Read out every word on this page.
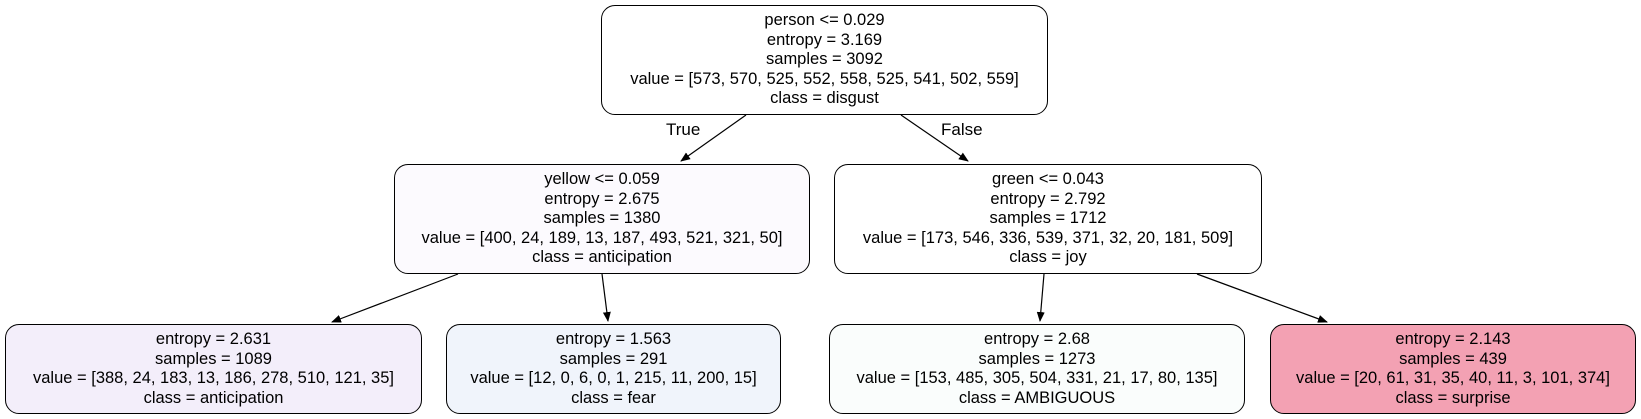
True	False
person <= 0.029
entropy = 3.169
samples = 3092
value = [573, 570, 525, 552, 558, 525, 541, 502, 559]
class = disgust
yellow <= 0.059
entropy = 2.675
samples = 1380
value = [400, 24, 189, 13, 187, 493, 521, 321, 50]
class = anticipation
green <= 0.043
entropy = 2.792
samples = 1712
value = [173, 546, 336, 539, 371, 32, 20, 181, 509]
class = joy
entropy = 2.631
samples = 1089
value = [388, 24, 183, 13, 186, 278, 510, 121, 35]
class = anticipation
entropy = 1.563
samples = 291
value = [12, 0, 6, 0, 1, 215, 11, 200, 15]
class = fear
entropy = 2.68
samples = 1273
value = [153, 485, 305, 504, 331, 21, 17, 80, 135]
class = AMBIGUOUS
entropy = 2.143
samples = 439
value = [20, 61, 31, 35, 40, 11, 3, 101, 374]
class = surprise
